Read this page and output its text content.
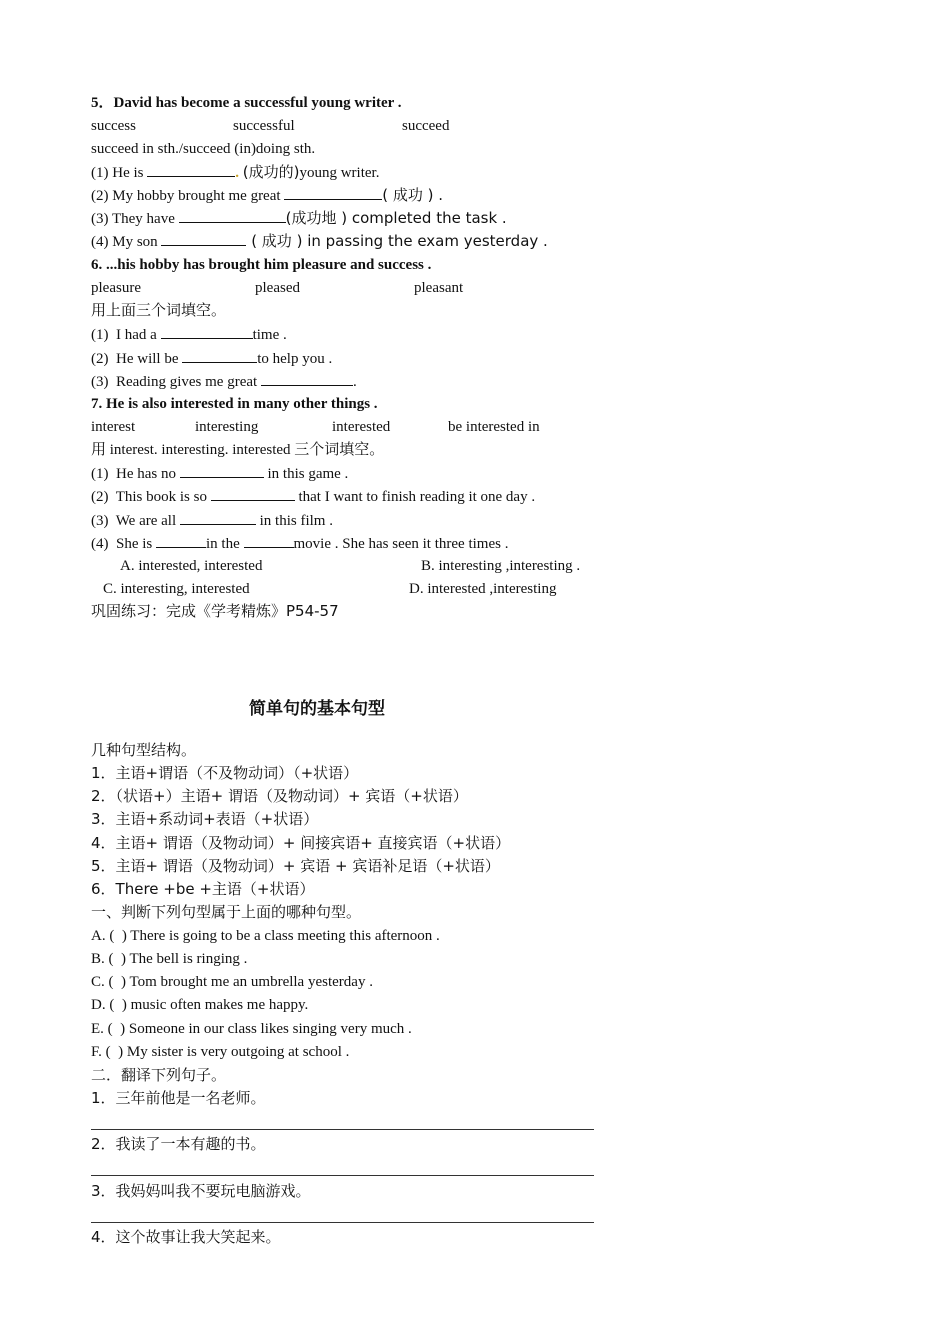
5．David has become a successful young writer .
success	successful	succeed
succeed in sth./succeed (in)doing sth.
(1) He is	. (成功的)young writer.
(2) My hobby brought me great	( 成功 ) .
(3) They have	(成功地 ) completed the task .
(4) My son	( 成功 ) in passing the exam yesterday .
6. ...his hobby has brought him pleasure and success .
pleasure	pleased	pleasant
用上面三个词填空。
(1)  I had a	time .
(2)  He will be	to help you .
(3)  Reading gives me great	.
7. He is also interested in many other things .
interest	interesting	interested	be interested in
用 interest. interesting. interested 三个词填空。
(1)  He has no	in this game .
(2)  This book is so	that I want to finish reading it one day .
(3)  We are all	in this film .
(4)  She is	in the	movie . She has seen it three times .
A. interested, interested	B. interesting ,interesting .
C. interesting, interested	D. interested ,interesting
巩固练习：完成《学考精炼》P54-57
简单句的基本句型
几种句型结构。
1．主语+谓语（不及物动词）（+状语）
2．（状语+）主语+ 谓语（及物动词）+ 宾语（+状语）
3．主语+系动词+表语（+状语）
4．主语+ 谓语（及物动词）+ 间接宾语+ 直接宾语（+状语）
5．主语+ 谓语（及物动词）+ 宾语 + 宾语补足语（+状语）
6．There +be +主语（+状语）
一、判断下列句型属于上面的哪种句型。
A. (  ) There is going to be a class meeting this afternoon .
B. (  ) The bell is ringing .
C. (  ) Tom brought me an umbrella yesterday .
D. (  ) music often makes me happy.
E. (  ) Someone in our class likes singing very much .
F. (  ) My sister is very outgoing at school .
二．翻译下列句子。
1．三年前他是一名老师。
2．我读了一本有趣的书。
3．我妈妈叫我不要玩电脑游戏。
4．这个故事让我大笑起来。
